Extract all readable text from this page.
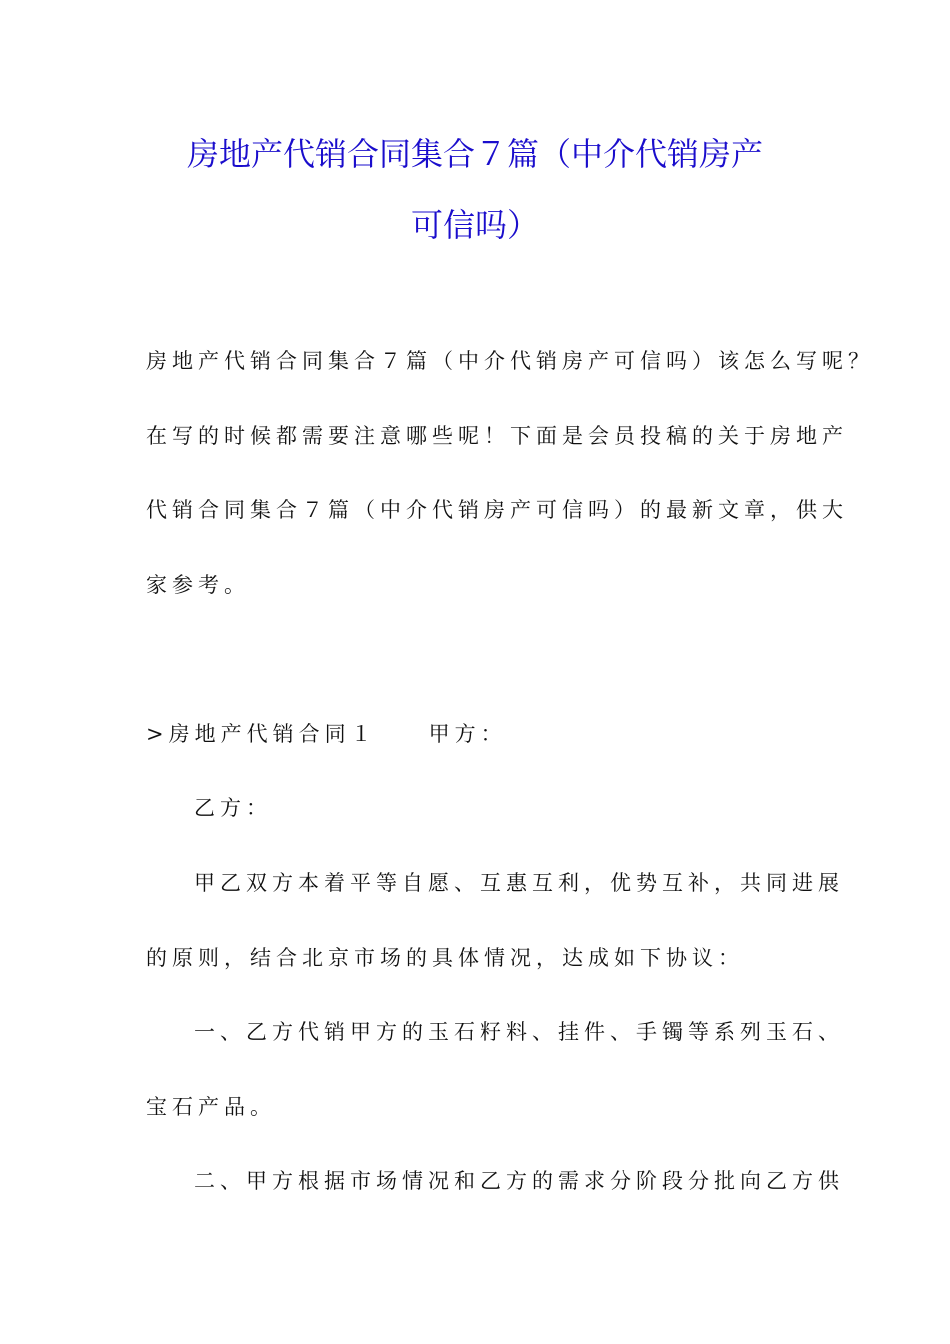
房地产代销合同集合７篇（中介代销房产
可信吗）
房地产代销合同集合７篇（中介代销房产可信吗）该怎么写呢？
在写的时候都需要注意哪些呢！下面是会员投稿的关于房地产
代销合同集合７篇（中介代销房产可信吗）的最新文章，供大
家参考。
>房地产代销合同１ 甲方：
乙方：
甲乙双方本着平等自愿、互惠互利，优势互补，共同进展
的原则，结合北京市场的具体情况，达成如下协议：
一、乙方代销甲方的玉石籽料、挂件、手镯等系列玉石、
宝石产品。
二、甲方根据市场情况和乙方的需求分阶段分批向乙方供
